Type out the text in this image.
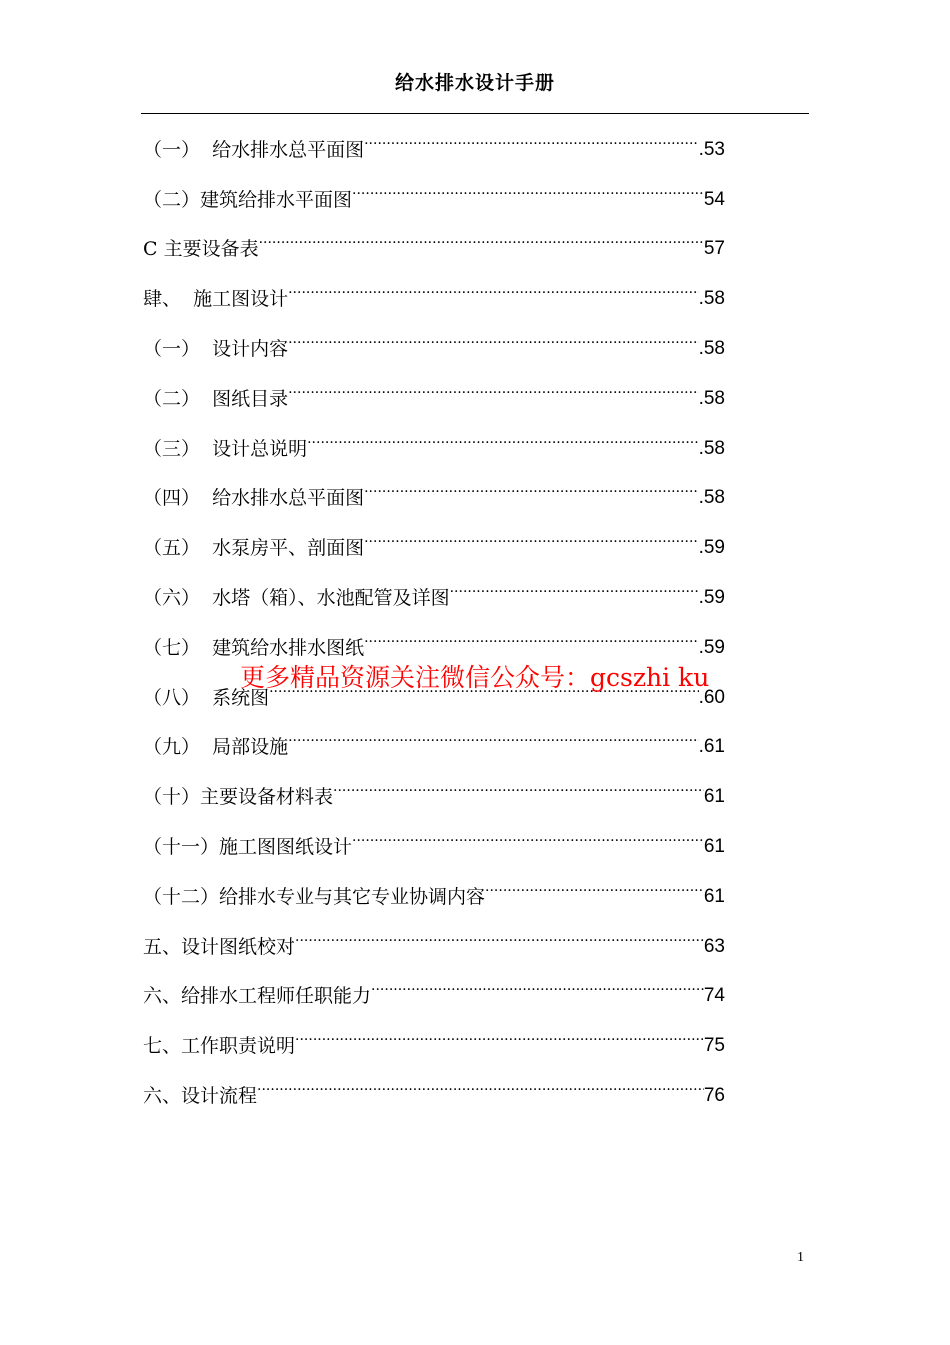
给水排水设计手册
（一）  给水排水总平面图 ·····	.53
（二）建筑给排水平面图 ·····	54
C 主要设备表 ·····	57
肆、  施工图设计 ·····	.58
（一）  设计内容 ·····	.58
（二）  图纸目录 ·····	.58
（三）  设计总说明 ·····	.58
（四）  给水排水总平面图 ·····	.58
（五）  水泵房平、剖面图 ·····	.59
（六）  水塔（箱）、水池配管及详图 ·····	.59
（七）  建筑给水排水图纸 ·····	.59
（八）  系统图 ·····	.60
（九）  局部设施 ·····	.61
（十）主要设备材料表 ·····	61
（十一）施工图图纸设计 ·····	61
（十二）给排水专业与其它专业协调内容 ·····	61
五、设计图纸校对 ·····	63
六、给排水工程师任职能力 ·····	74
七、工作职责说明 ·····	75
六、设计流程 ·····	76
更多精品资源关注微信公众号：gcszhi ku
1
